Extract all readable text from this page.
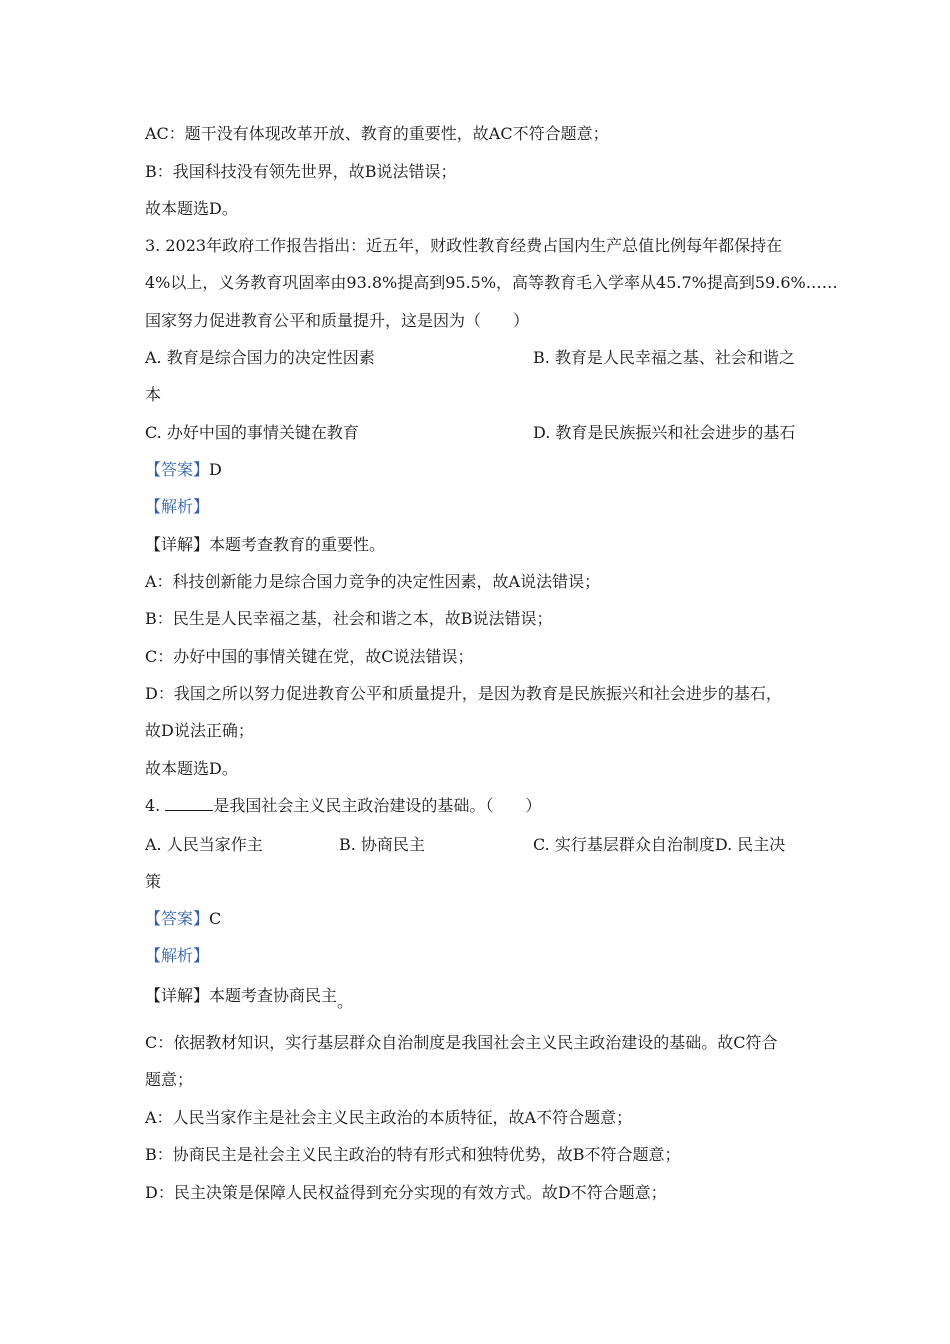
AC：题干没有体现改革开放、教育的重要性，故AC不符合题意；
B：我国科技没有领先世界，故B说法错误；
故本题选D。
3. 2023年政府工作报告指出：近五年，财政性教育经费占国内生产总值比例每年都保持在
4%以上，义务教育巩固率由93.8%提高到95.5%，高等教育毛入学率从45.7%提高到59.6%……
国家努力促进教育公平和质量提升，这是因为（　　）
A. 教育是综合国力的决定性因素	B. 教育是人民幸福之基、社会和谐之
本
C. 办好中国的事情关键在教育	D. 教育是民族振兴和社会进步的基石
【答案】D
【解析】
【详解】本题考查教育的重要性。
A：科技创新能力是综合国力竞争的决定性因素，故A说法错误；
B：民生是人民幸福之基，社会和谐之本，故B说法错误；
C：办好中国的事情关键在党，故C说法错误；
D：我国之所以努力促进教育公平和质量提升，是因为教育是民族振兴和社会进步的基石，
故D说法正确；
故本题选D。
4.	是我国社会主义民主政治建设的基础。（　　）
A. 人民当家作主	B. 协商民主	C. 实行基层群众自治制度D. 民主决
策
【答案】C
【解析】
【详解】本题考查协商民主。
C：依据教材知识，实行基层群众自治制度是我国社会主义民主政治建设的基础。故C符合
题意；
A：人民当家作主是社会主义民主政治的本质特征，故A不符合题意；
B：协商民主是社会主义民主政治的特有形式和独特优势，故B不符合题意；
D：民主决策是保障人民权益得到充分实现的有效方式。故D不符合题意；
